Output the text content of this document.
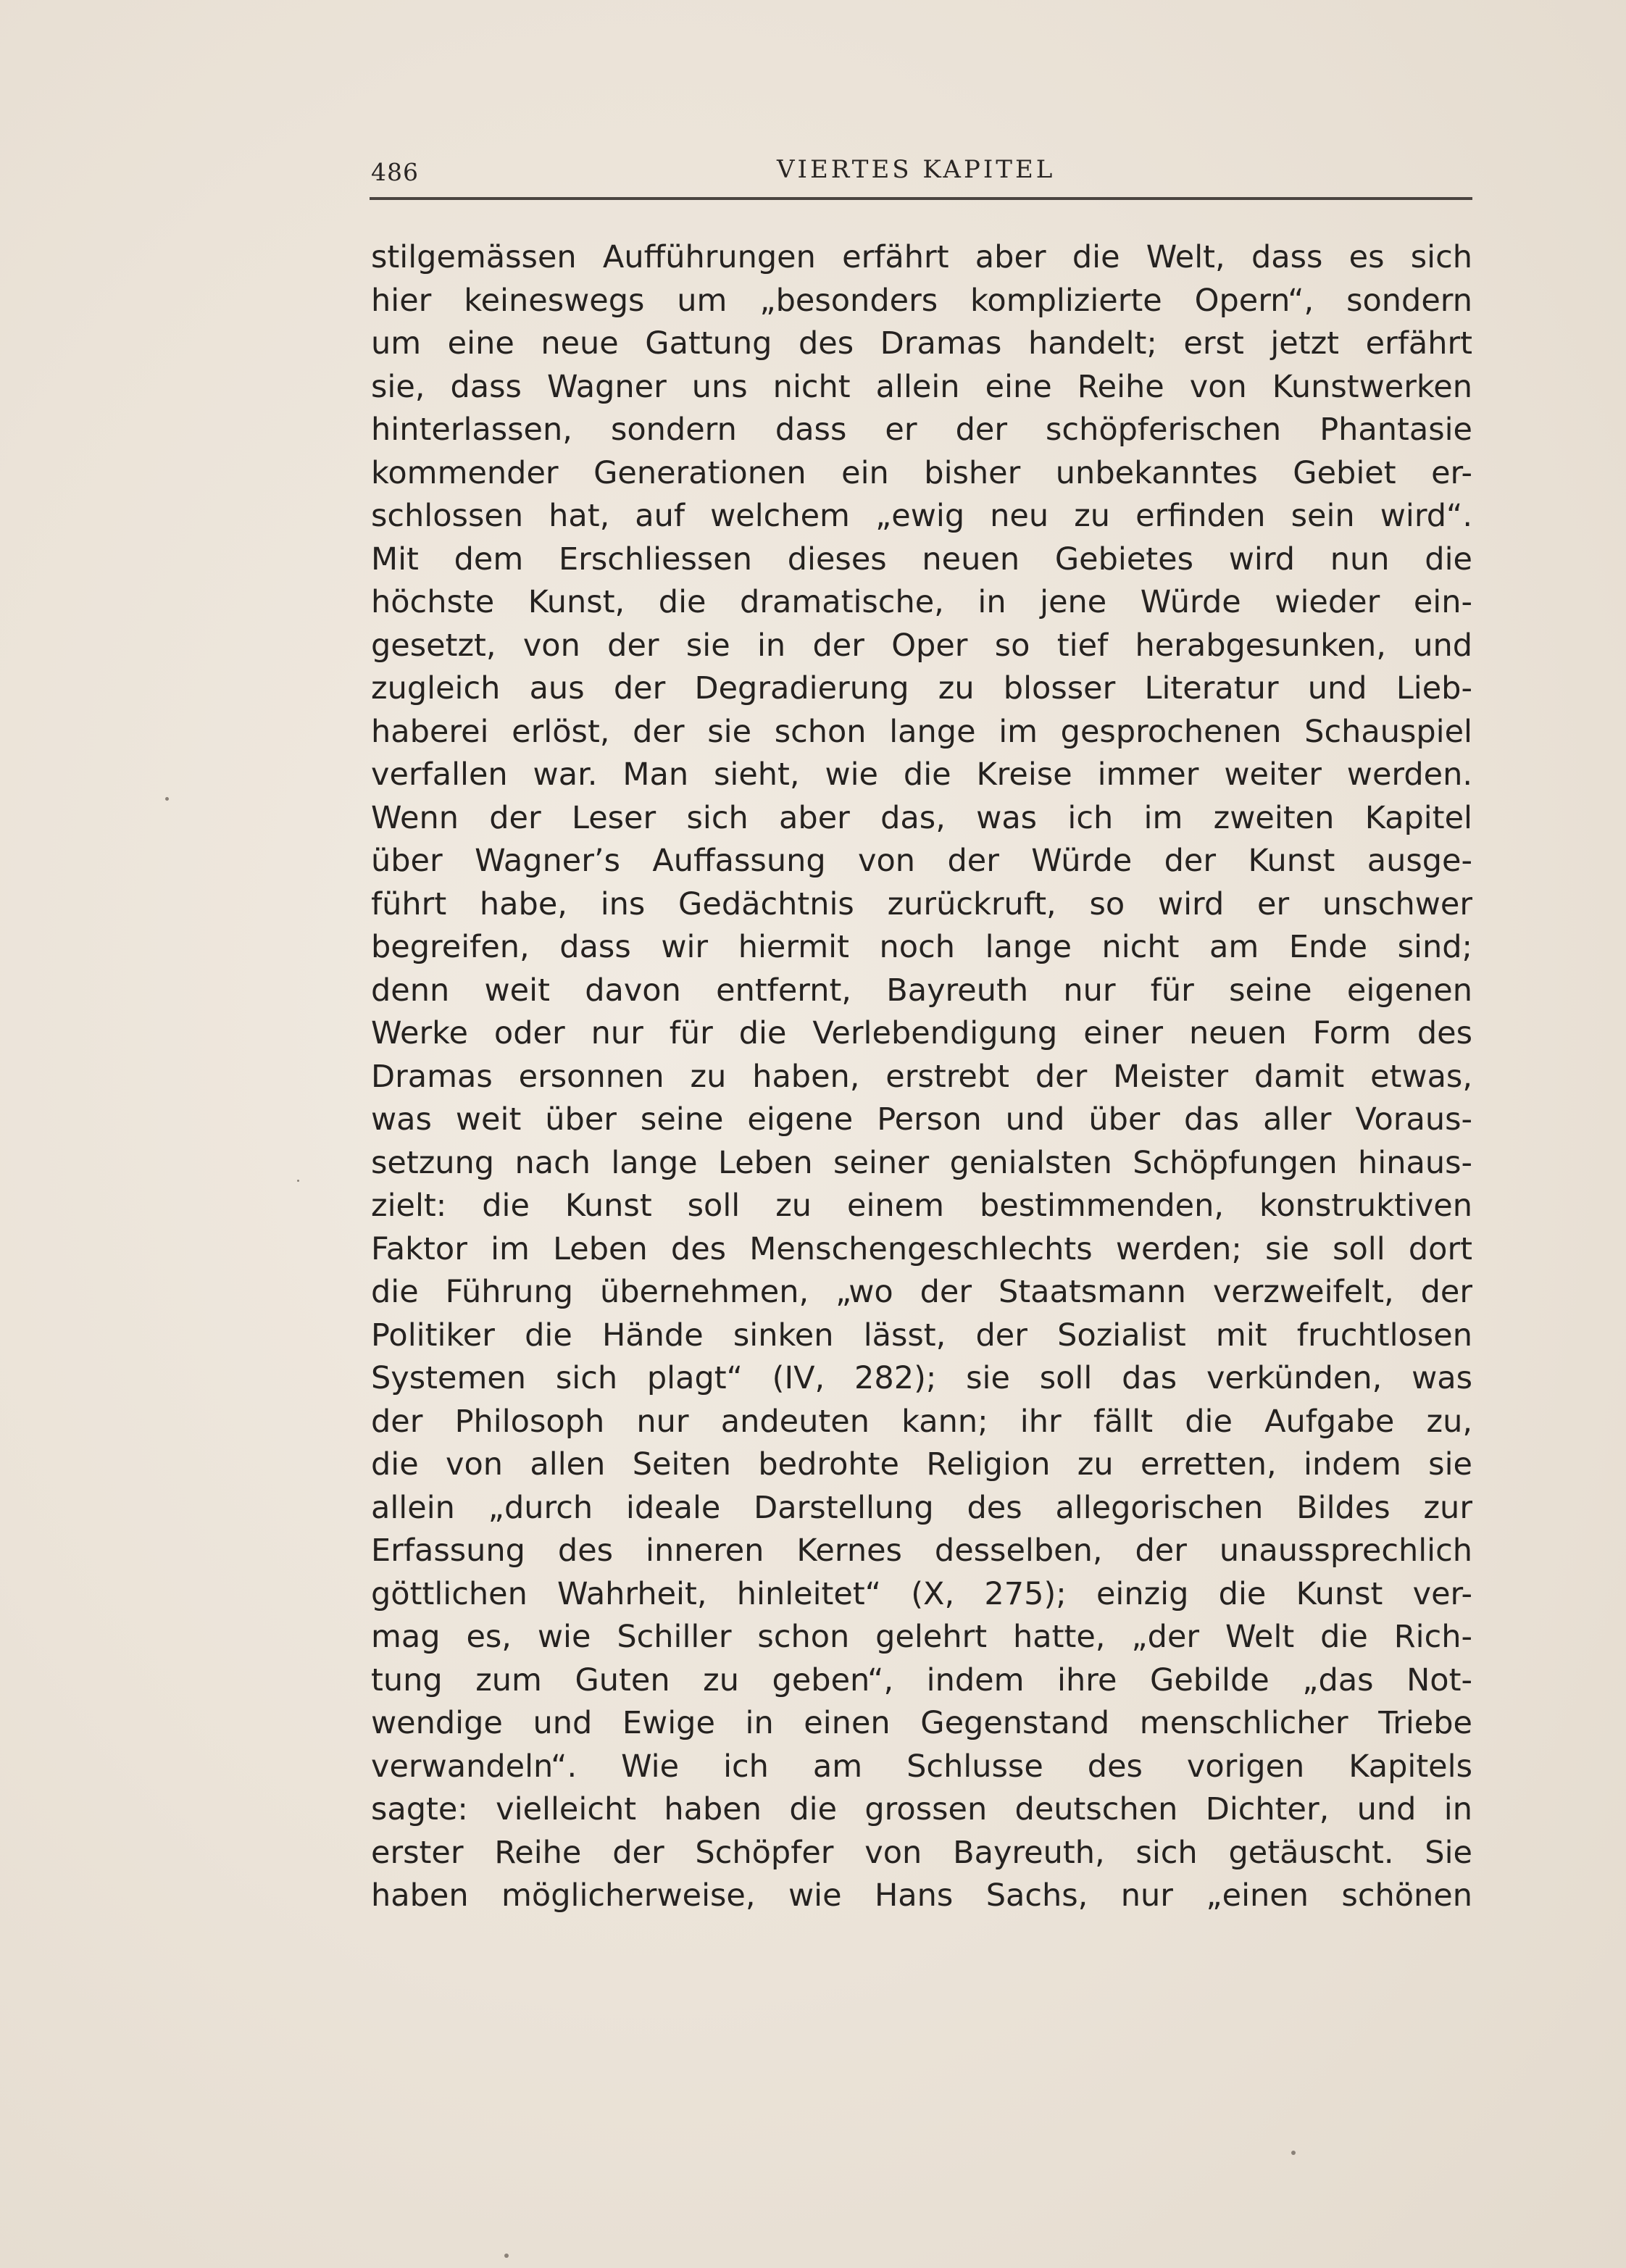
486	VIERTES KAPITEL
stilgemässen Aufführungen erfährt aber die Welt, dass es sich
hier keineswegs um „besonders komplizierte Opern“, sondern
um eine neue Gattung des Dramas handelt; erst jetzt erfährt
sie, dass Wagner uns nicht allein eine Reihe von Kunstwerken
hinterlassen, sondern dass er der schöpferischen Phantasie
kommender Generationen ein bisher unbekanntes Gebiet er-
schlossen hat, auf welchem „ewig neu zu erfinden sein wird“.
Mit dem Erschliessen dieses neuen Gebietes wird nun die
höchste Kunst, die dramatische, in jene Würde wieder ein-
gesetzt, von der sie in der Oper so tief herabgesunken, und
zugleich aus der Degradierung zu blosser Literatur und Lieb-
haberei erlöst, der sie schon lange im gesprochenen Schauspiel
verfallen war. Man sieht, wie die Kreise immer weiter werden.
Wenn der Leser sich aber das, was ich im zweiten Kapitel
über Wagner’s Auffassung von der Würde der Kunst ausge-
führt habe, ins Gedächtnis zurückruft, so wird er unschwer
begreifen, dass wir hiermit noch lange nicht am Ende sind;
denn weit davon entfernt, Bayreuth nur für seine eigenen
Werke oder nur für die Verlebendigung einer neuen Form des
Dramas ersonnen zu haben, erstrebt der Meister damit etwas,
was weit über seine eigene Person und über das aller Voraus-
setzung nach lange Leben seiner genialsten Schöpfungen hinaus-
zielt: die Kunst soll zu einem bestimmenden, konstruktiven
Faktor im Leben des Menschengeschlechts werden; sie soll dort
die Führung übernehmen, „wo der Staatsmann verzweifelt, der
Politiker die Hände sinken lässt, der Sozialist mit fruchtlosen
Systemen sich plagt“ (IV, 282); sie soll das verkünden, was
der Philosoph nur andeuten kann; ihr fällt die Aufgabe zu,
die von allen Seiten bedrohte Religion zu erretten, indem sie
allein „durch ideale Darstellung des allegorischen Bildes zur
Erfassung des inneren Kernes desselben, der unaussprechlich
göttlichen Wahrheit, hinleitet“ (X, 275); einzig die Kunst ver-
mag es, wie Schiller schon gelehrt hatte, „der Welt die Rich-
tung zum Guten zu geben“, indem ihre Gebilde „das Not-
wendige und Ewige in einen Gegenstand menschlicher Triebe
verwandeln“. Wie ich am Schlusse des vorigen Kapitels
sagte: vielleicht haben die grossen deutschen Dichter, und in
erster Reihe der Schöpfer von Bayreuth, sich getäuscht. Sie
haben möglicherweise, wie Hans Sachs, nur „einen schönen
